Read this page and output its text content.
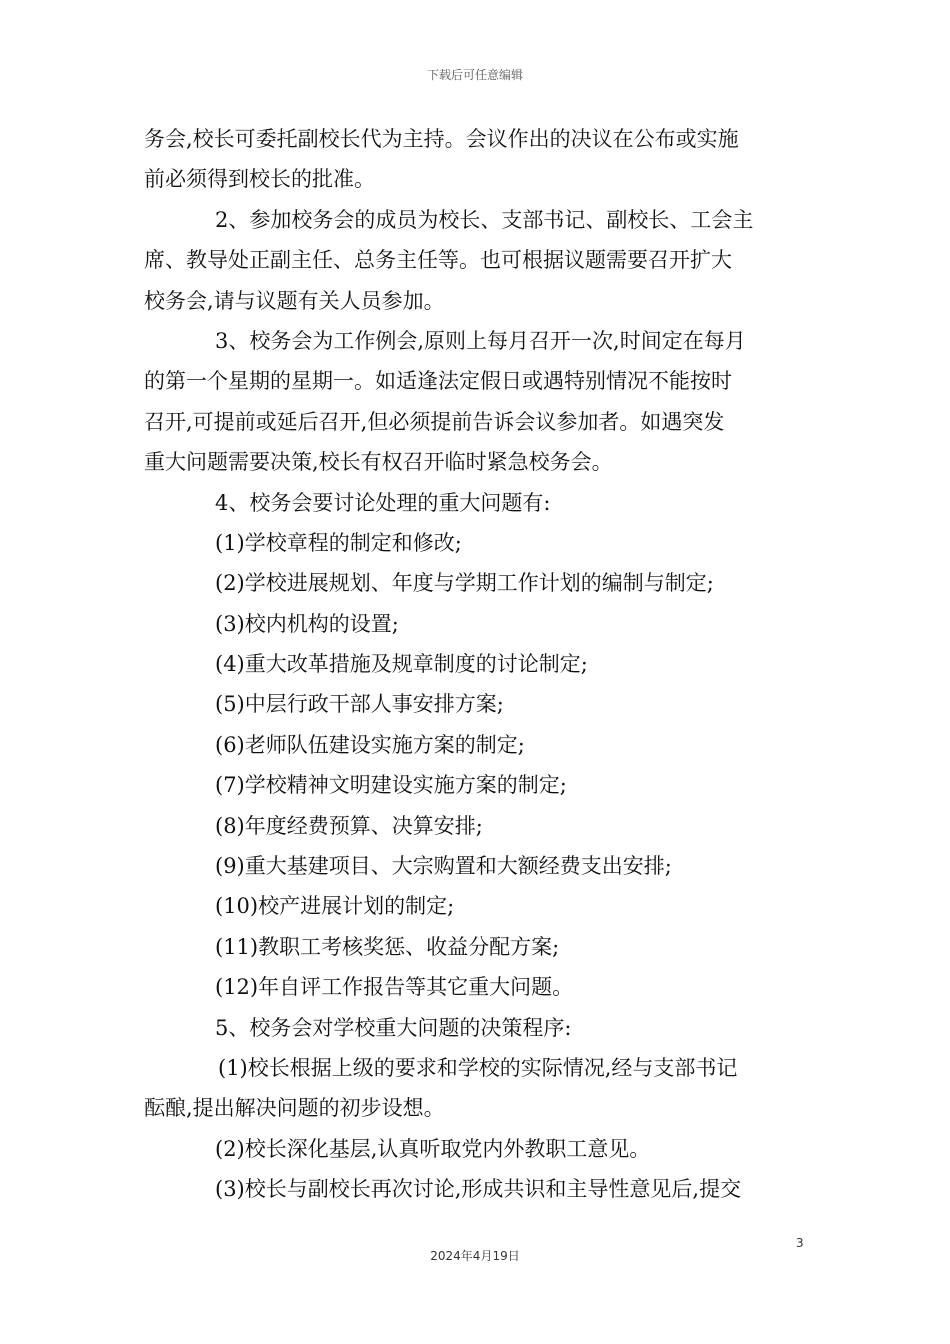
下载后可任意编辑
务会,校长可委托副校长代为主持。会议作出的决议在公布或实施
前必须得到校长的批准。
2、参加校务会的成员为校长、支部书记、副校长、工会主
席、教导处正副主任、总务主任等。也可根据议题需要召开扩大
校务会,请与议题有关人员参加。
3、校务会为工作例会,原则上每月召开一次,时间定在每月
的第一个星期的星期一。如适逢法定假日或遇特别情况不能按时
召开,可提前或延后召开,但必须提前告诉会议参加者。如遇突发
重大问题需要决策,校长有权召开临时紧急校务会。
4、校务会要讨论处理的重大问题有:
(1)学校章程的制定和修改;
(2)学校进展规划、年度与学期工作计划的编制与制定;
(3)校内机构的设置;
(4)重大改革措施及规章制度的讨论制定;
(5)中层行政干部人事安排方案;
(6)老师队伍建设实施方案的制定;
(7)学校精神文明建设实施方案的制定;
(8)年度经费预算、决算安排;
(9)重大基建项目、大宗购置和大额经费支出安排;
(10)校产进展计划的制定;
(11)教职工考核奖惩、收益分配方案;
(12)年自评工作报告等其它重大问题。
5、校务会对学校重大问题的决策程序:
(1)校长根据上级的要求和学校的实际情况,经与支部书记
酝酿,提出解决问题的初步设想。
(2)校长深化基层,认真听取党内外教职工意见。
(3)校长与副校长再次讨论,形成共识和主导性意见后,提交
3
2024年4月19日
